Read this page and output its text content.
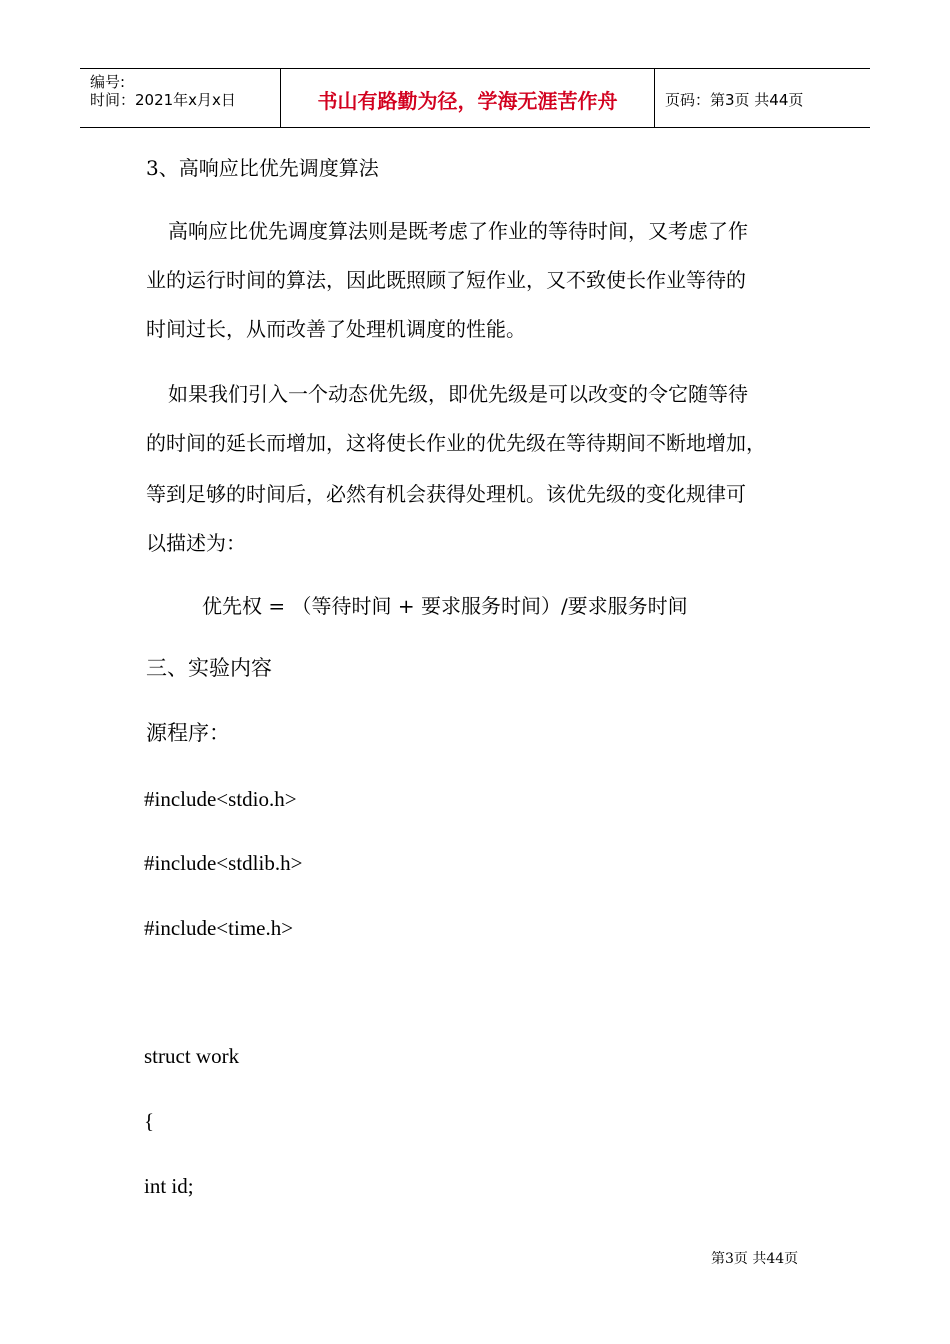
编号:
时间：2021年x月x日	书山有路勤为径，学海无涯苦作舟	页码：第3页 共44页
3、高响应比优先调度算法
高响应比优先调度算法则是既考虑了作业的等待时间，又考虑了作
业的运行时间的算法，因此既照顾了短作业，又不致使长作业等待的
时间过长，从而改善了处理机调度的性能。
如果我们引入一个动态优先级，即优先级是可以改变的令它随等待
的时间的延长而增加，这将使长作业的优先级在等待期间不断地增加，
等到足够的时间后，必然有机会获得处理机。该优先级的变化规律可
以描述为：
优先权 = （等待时间 + 要求服务时间）/要求服务时间
三、实验内容
源程序：
#include<stdio.h>
#include<stdlib.h>
#include<time.h>
struct work
{
int id;
第3页 共44页
